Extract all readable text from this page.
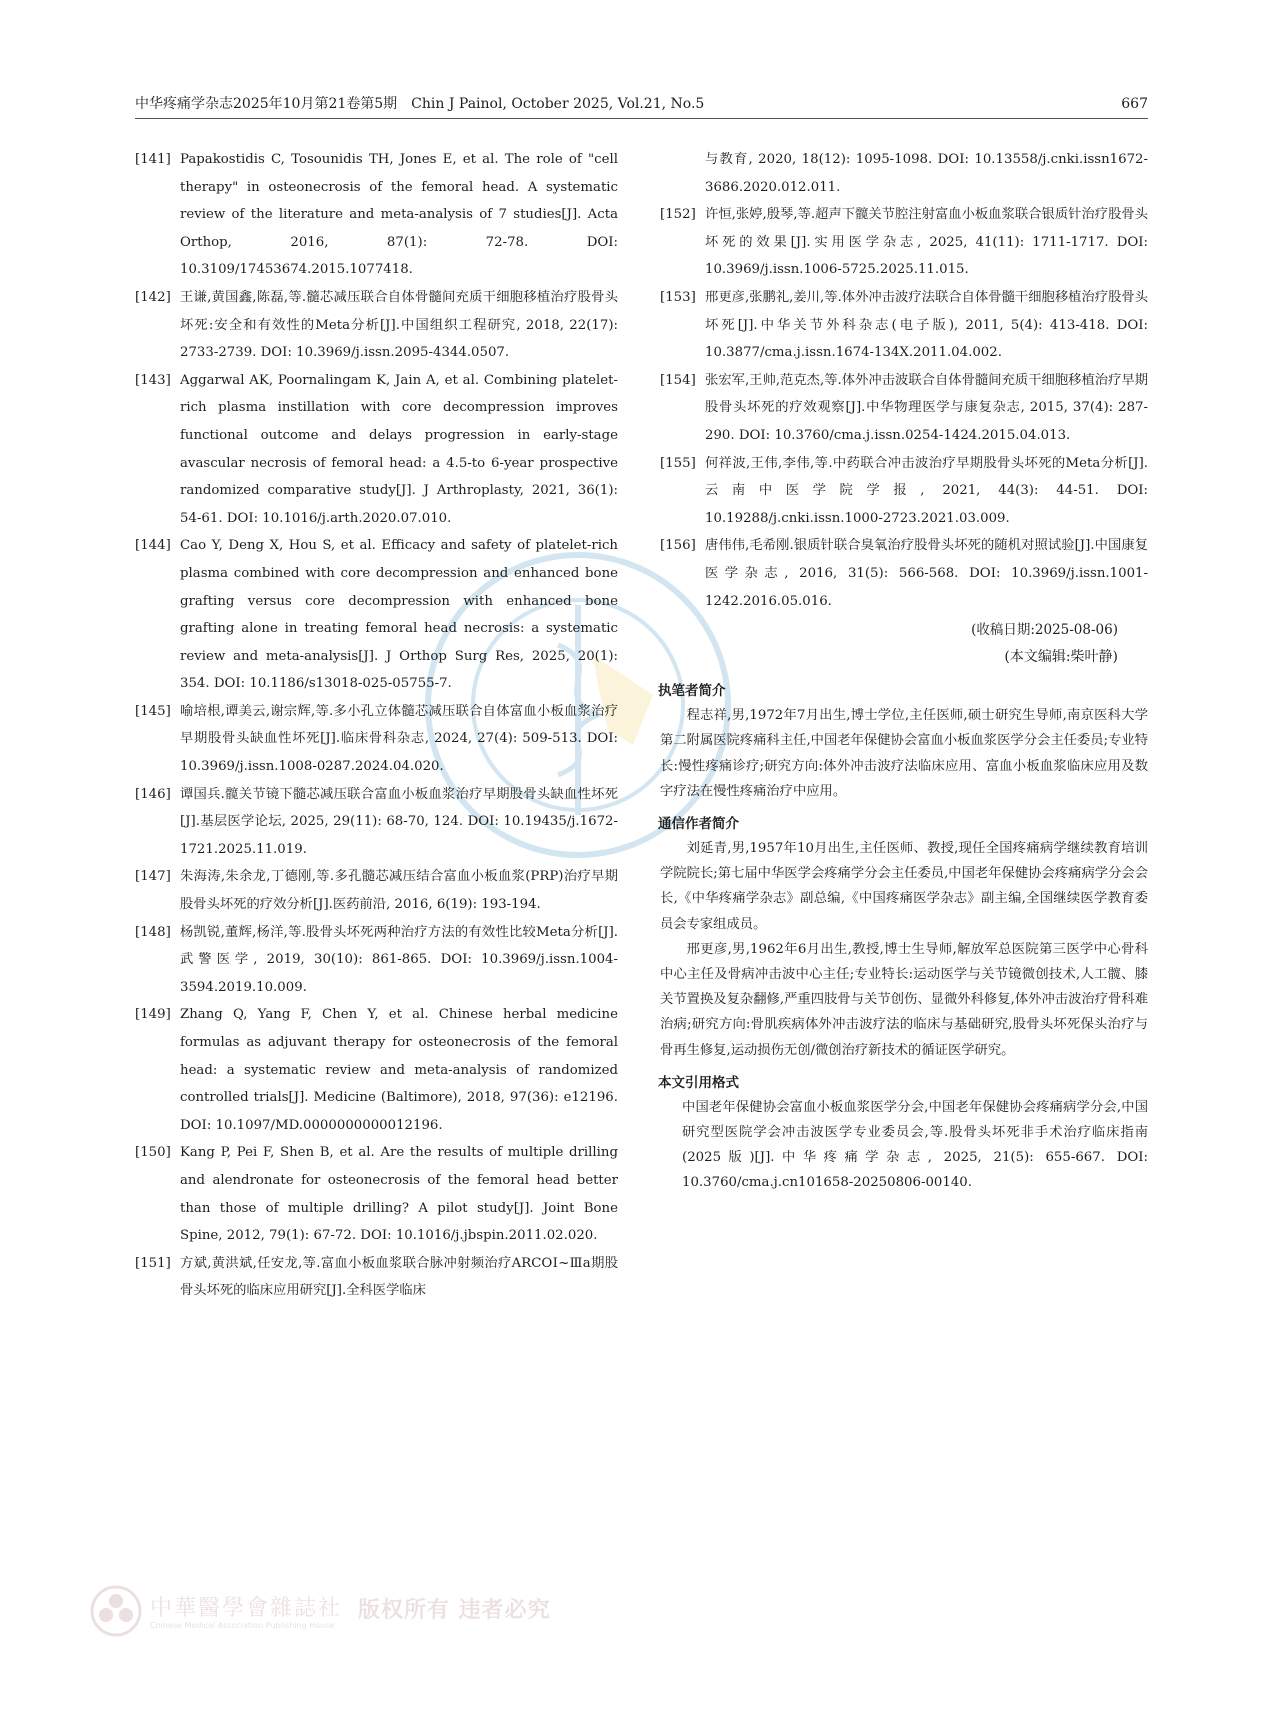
中华疼痛学杂志2025年10月第21卷第5期　Chin J Painol, October 2025, Vol.21, No.5	667
[141] Papakostidis C, Tosounidis TH, Jones E, et al. The role of "cell therapy" in osteonecrosis of the femoral head. A systematic review of the literature and meta-analysis of 7 studies[J]. Acta Orthop, 2016, 87(1): 72-78. DOI: 10.3109/17453674.2015.1077418.
[142] 王谦,黄国鑫,陈磊,等.髓芯减压联合自体骨髓间充质干细胞移植治疗股骨头坏死:安全和有效性的Meta分析[J].中国组织工程研究, 2018, 22(17): 2733-2739. DOI: 10.3969/j.issn.2095-4344.0507.
[143] Aggarwal AK, Poornalingam K, Jain A, et al. Combining platelet-rich plasma instillation with core decompression improves functional outcome and delays progression in early-stage avascular necrosis of femoral head: a 4.5-to 6-year prospective randomized comparative study[J]. J Arthroplasty, 2021, 36(1): 54-61. DOI: 10.1016/j.arth.2020.07.010.
[144] Cao Y, Deng X, Hou S, et al. Efficacy and safety of platelet-rich plasma combined with core decompression and enhanced bone grafting versus core decompression with enhanced bone grafting alone in treating femoral head necrosis: a systematic review and meta-analysis[J]. J Orthop Surg Res, 2025, 20(1): 354. DOI: 10.1186/s13018-025-05755-7.
[145] 喻培根,谭美云,谢宗辉,等.多小孔立体髓芯减压联合自体富血小板血浆治疗早期股骨头缺血性坏死[J].临床骨科杂志, 2024, 27(4): 509-513. DOI: 10.3969/j.issn.1008-0287.2024.04.020.
[146] 谭国兵.髋关节镜下髓芯减压联合富血小板血浆治疗早期股骨头缺血性坏死[J].基层医学论坛, 2025, 29(11): 68-70, 124. DOI: 10.19435/j.1672-1721.2025.11.019.
[147] 朱海涛,朱余龙,丁德刚,等.多孔髓芯减压结合富血小板血浆(PRP)治疗早期股骨头坏死的疗效分析[J].医药前沿, 2016, 6(19): 193-194.
[148] 杨凯锐,董辉,杨洋,等.股骨头坏死两种治疗方法的有效性比较Meta分析[J].武警医学, 2019, 30(10): 861-865. DOI: 10.3969/j.issn.1004-3594.2019.10.009.
[149] Zhang Q, Yang F, Chen Y, et al. Chinese herbal medicine formulas as adjuvant therapy for osteonecrosis of the femoral head: a systematic review and meta-analysis of randomized controlled trials[J]. Medicine (Baltimore), 2018, 97(36): e12196. DOI: 10.1097/MD.0000000000012196.
[150] Kang P, Pei F, Shen B, et al. Are the results of multiple drilling and alendronate for osteonecrosis of the femoral head better than those of multiple drilling? A pilot study[J]. Joint Bone Spine, 2012, 79(1): 67-72. DOI: 10.1016/j.jbspin.2011.02.020.
[151] 方斌,黄洪斌,任安龙,等.富血小板血浆联合脉冲射频治疗ARCOⅠ~Ⅲa期股骨头坏死的临床应用研究[J].全科医学临床
与教育, 2020, 18(12): 1095-1098. DOI: 10.13558/j.cnki.issn1672-3686.2020.012.011.
[152] 许恒,张婷,殷琴,等.超声下髋关节腔注射富血小板血浆联合银质针治疗股骨头坏死的效果[J].实用医学杂志, 2025, 41(11): 1711-1717. DOI: 10.3969/j.issn.1006-5725.2025.11.015.
[153] 邢更彦,张鹏礼,姜川,等.体外冲击波疗法联合自体骨髓干细胞移植治疗股骨头坏死[J].中华关节外科杂志(电子版), 2011, 5(4): 413-418. DOI: 10.3877/cma.j.issn.1674-134X.2011.04.002.
[154] 张宏军,王帅,范克杰,等.体外冲击波联合自体骨髓间充质干细胞移植治疗早期股骨头坏死的疗效观察[J].中华物理医学与康复杂志, 2015, 37(4): 287-290. DOI: 10.3760/cma.j.issn.0254-1424.2015.04.013.
[155] 何祥波,王伟,李伟,等.中药联合冲击波治疗早期股骨头坏死的Meta分析[J].云南中医学院学报, 2021, 44(3): 44-51. DOI: 10.19288/j.cnki.issn.1000-2723.2021.03.009.
[156] 唐伟伟,毛希刚.银质针联合臭氧治疗股骨头坏死的随机对照试验[J].中国康复医学杂志, 2016, 31(5): 566-568. DOI: 10.3969/j.issn.1001-1242.2016.05.016.
(收稿日期:2025-08-06)
(本文编辑:柴叶静)
执笔者简介

程志祥,男,1972年7月出生,博士学位,主任医师,硕士研究生导师,南京医科大学第二附属医院疼痛科主任,中国老年保健协会富血小板血浆医学分会主任委员;专业特长:慢性疼痛诊疗;研究方向:体外冲击波疗法临床应用、富血小板血浆临床应用及数字疗法在慢性疼痛治疗中应用。

通信作者简介

刘延青,男,1957年10月出生,主任医师、教授,现任全国疼痛病学继续教育培训学院院长;第七届中华医学会疼痛学分会主任委员,中国老年保健协会疼痛病学分会会长,《中华疼痛学杂志》副总编,《中国疼痛医学杂志》副主编,全国继续医学教育委员会专家组成员。

邢更彦,男,1962年6月出生,教授,博士生导师,解放军总医院第三医学中心骨科中心主任及骨病冲击波中心主任;专业特长:运动医学与关节镜微创技术,人工髋、膝关节置换及复杂翻修,严重四肢骨与关节创伤、显微外科修复,体外冲击波治疗骨科难治病;研究方向:骨肌疾病体外冲击波疗法的临床与基础研究,股骨头坏死保头治疗与骨再生修复,运动损伤无创/微创治疗新技术的循证医学研究。

本文引用格式

中国老年保健协会富血小板血浆医学分会,中国老年保健协会疼痛病学分会,中国研究型医院学会冲击波医学专业委员会,等.股骨头坏死非手术治疗临床指南(2025版)[J].中华疼痛学杂志, 2025, 21(5): 655-667. DOI: 10.3760/cma.j.cn101658-20250806-00140.

中華醫學會雜誌社
Chinese Medical Association Publishing House
版权所有 违者必究
